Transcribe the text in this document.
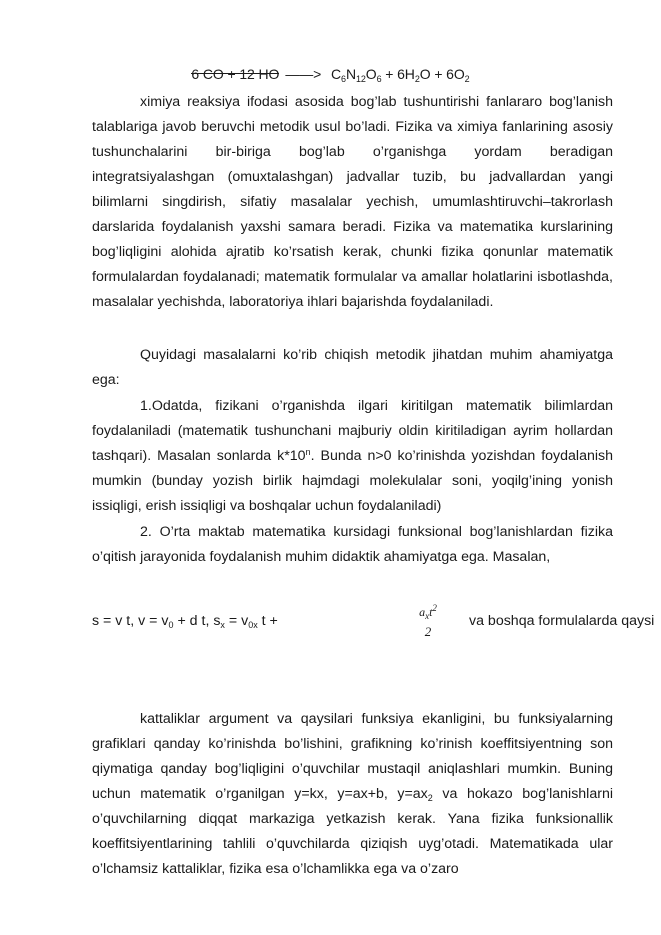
6 CO + 12 HO ——> $C_6N_{12}O_6 + 6H_2O + 6O_2$

ximiya reaksiya ifodasi asosida bog’lab tushuntirishi fanlararo bog’lanish talablariga javob beruvchi metodik usul bo’ladi. Fizika va ximiya fanlarining asosiy tushunchalarini bir-biriga bog’lab o’rganishga yordam beradigan integratsiyalashgan (omuxtalashgan) jadvallar tuzib, bu jadvallardan yangi bilimlarni singdirish, sifatiy masalalar yechish, umumlashtiruvchi–takrorlash darslarida foydalanish yaxshi samara beradi. Fizika va matematika kurslarining bog’liqligini alohida ajratib ko’rsatish kerak, chunki fizika qonunlar matematik formulalardan foydalanadi; matematik formulalar va amallar holatlarini isbotlashda, masalalar yechishda, laboratoriya ihlari bajarishda foydalaniladi.

Quyidagi masalalarni ko’rib chiqish metodik jihatdan muhim ahamiyatga ega:

1.Odatda, fizikani o’rganishda ilgari kiritilgan matematik bilimlardan foydalaniladi (matematik tushunchani majburiy oldin kiritiladigan ayrim hollardan tashqari). Masalan sonlarda k*10$^n$. Bunda n>0 ko’rinishda yozishdan foydalanish mumkin (bunday yozish birlik hajmdagi molekulalar soni, yoqilg’ining yonish issiqligi, erish issiqligi va boshqalar uchun foydalaniladi)

2. O’rta maktab matematika kursidagi funksional bog’lanishlardan fizika o’qitish jarayonida foydalanish muhim didaktik ahamiyatga ega. Masalan,

s = v t, $v = v_0 + d$ t, $s_x = v_{0x}$ t +
$a_xt^2$
2
va boshqa formulalarda qaysi

kattaliklar argument va qaysilari funksiya ekanligini, bu funksiyalarning grafiklari qanday ko’rinishda bo’lishini, grafikning ko’rinish koeffitsiyentning son qiymatiga qanday bog’liqligini o’quvchilar mustaqil aniqlashlari mumkin. Buning uchun matematik o’rganilgan y=kx, y=ax+b, $y=ax_2$ va hokazo bog’lanishlarni o’quvchilarning diqqat markaziga yetkazish kerak. Yana fizika funksionallik koeffitsiyentlarining tahlili o’quvchilarda qiziqish uyg’otadi. Matematikada ular o’lchamsiz kattaliklar, fizika esa o’lchamlikka ega va o’zaro
